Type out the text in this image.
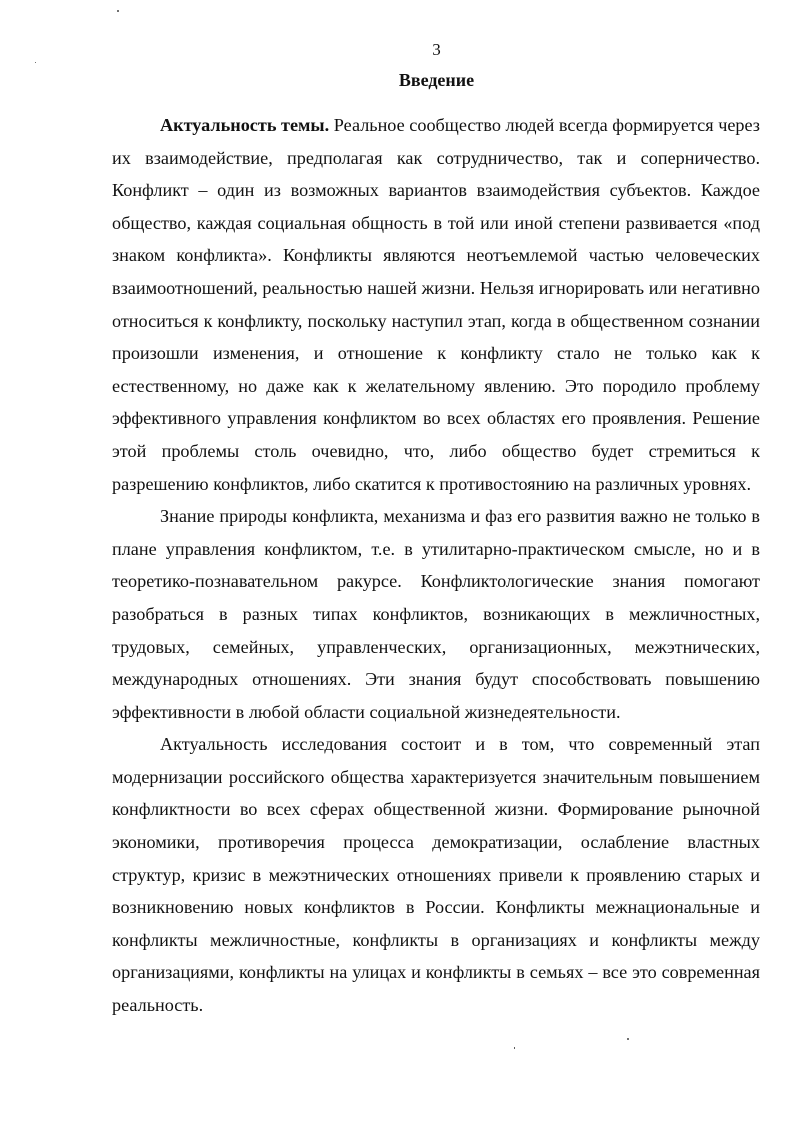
3
Введение

Актуальность темы. Реальное сообщество людей всегда формируется через их взаимодействие, предполагая как сотрудничество, так и соперничество. Конфликт – один из возможных вариантов взаимодействия субъектов. Каждое общество, каждая социальная общность в той или иной степени развивается «под знаком конфликта». Конфликты являются неотъемлемой частью человеческих взаимоотношений, реальностью нашей жизни. Нельзя игнорировать или негативно относиться к конфликту, поскольку наступил этап, когда в общественном сознании произошли изменения, и отношение к конфликту стало не только как к естественному, но даже как к желательному явлению. Это породило проблему эффективного управления конфликтом во всех областях его проявления. Решение этой проблемы столь очевидно, что, либо общество будет стремиться к разрешению конфликтов, либо скатится к противостоянию на различных уровнях.

Знание природы конфликта, механизма и фаз его развития важно не только в плане управления конфликтом, т.е. в утилитарно-практическом смысле, но и в теоретико-познавательном ракурсе. Конфликтологические знания помогают разобраться в разных типах конфликтов, возникающих в межличностных, трудовых, семейных, управленческих, организационных, межэтнических, международных отношениях. Эти знания будут способствовать повышению эффективности в любой области социальной жизнедеятельности.

Актуальность исследования состоит и в том, что современный этап модернизации российского общества характеризуется значительным повышением конфликтности во всех сферах общественной жизни. Формирование рыночной экономики, противоречия процесса демократизации, ослабление властных структур, кризис в межэтнических отношениях привели к проявлению старых и возникновению новых конфликтов в России. Конфликты межнациональные и конфликты межличностные, конфликты в организациях и конфликты между организациями, конфликты на улицах и конфликты в семьях – все это современная реальность.
